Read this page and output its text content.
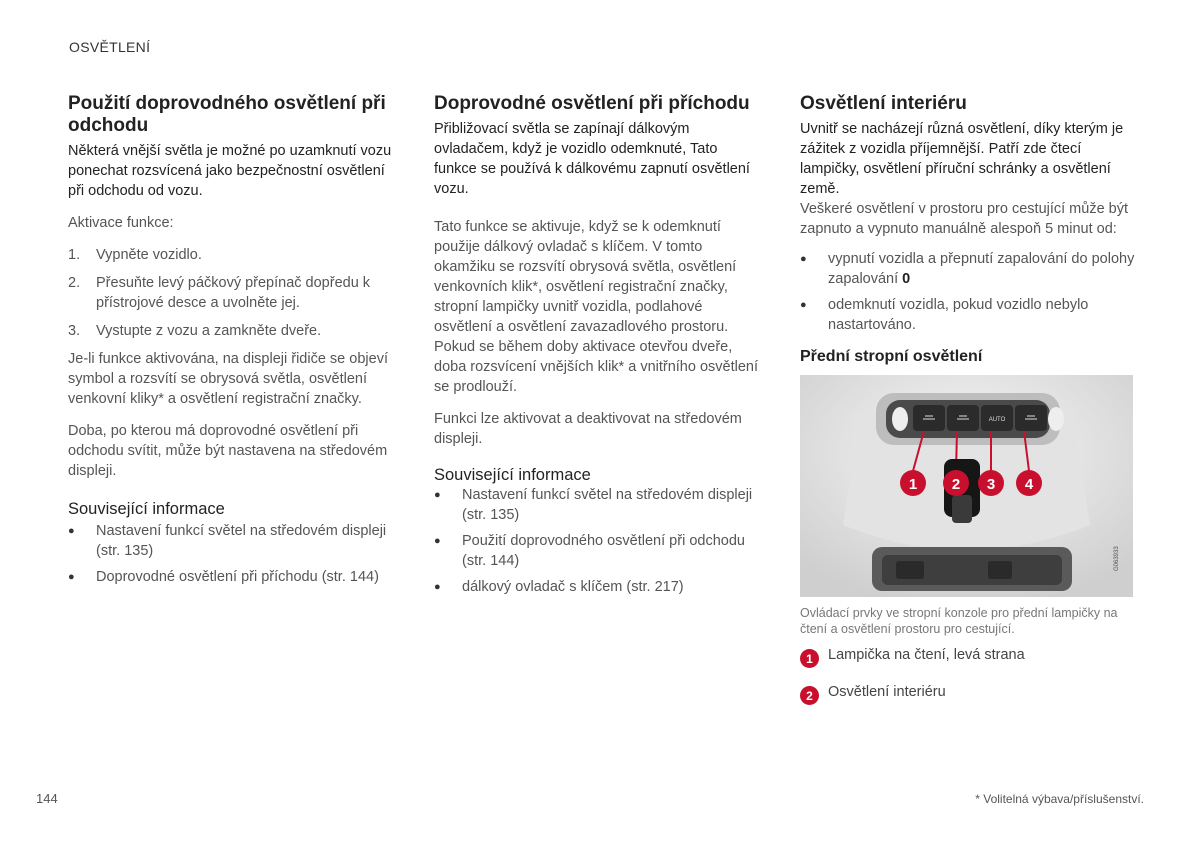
OSVĚTLENÍ
Použití doprovodného osvětlení při odchodu

Některá vnější světla je možné po uzamknutí vozu ponechat rozsvícená jako bezpečnostní osvětlení při odchodu od vozu.

Aktivace funkce:

1.	Vypněte vozidlo.
2.	Přesuňte levý páčkový přepínač dopředu k přístrojové desce a uvolněte jej.
3.	Vystupte z vozu a zamkněte dveře.

Je-li funkce aktivována, na displeji řidiče se objeví symbol a rozsvítí se obrysová světla, osvětlení venkovní kliky* a osvětlení registrační značky.

Doba, po kterou má doprovodné osvětlení při odchodu svítit, může být nastavena na středovém displeji.

Související informace
●	Nastavení funkcí světel na středovém displeji (str. 135)
●	Doprovodné osvětlení při příchodu (str. 144)
Doprovodné osvětlení při příchodu

Přibližovací světla se zapínají dálkovým ovladačem, když je vozidlo odemknuté, Tato funkce se používá k dálkovému zapnutí osvětlení vozu.

Tato funkce se aktivuje, když se k odemknutí použije dálkový ovladač s klíčem. V tomto okamžiku se rozsvítí obrysová světla, osvětlení venkovních klik*, osvětlení registrační značky, stropní lampičky uvnitř vozidla, podlahové osvětlení a osvětlení zavazadlového prostoru. Pokud se během doby aktivace otevřou dveře, doba rozsvícení vnějších klik* a vnitřního osvětlení se prodlouží.

Funkci lze aktivovat a deaktivovat na středovém displeji.

Související informace
●	Nastavení funkcí světel na středovém displeji (str. 135)
●	Použití doprovodného osvětlení při odchodu (str. 144)
●	dálkový ovladač s klíčem (str. 217)
Osvětlení interiéru

Uvnitř se nacházejí různá osvětlení, díky kterým je zážitek z vozidla příjemnější. Patří zde čtecí lampičky, osvětlení příruční schránky a osvětlení země.

Veškeré osvětlení v prostoru pro cestující může být zapnuto a vypnuto manuálně alespoň 5 minut od:

●	vypnutí vozidla a přepnutí zapalování do polohy zapalování 0
●	odemknutí vozidla, pokud vozidlo nebylo nastartováno.
Přední stropní osvětlení
AUTO
1 2 3 4
G063933
Ovládací prvky ve stropní konzole pro přední lampičky na čtení a osvětlení prostoru pro cestující.
1	Lampička na čtení, levá strana
2	Osvětlení interiéru
144	* Volitelná výbava/příslušenství.
